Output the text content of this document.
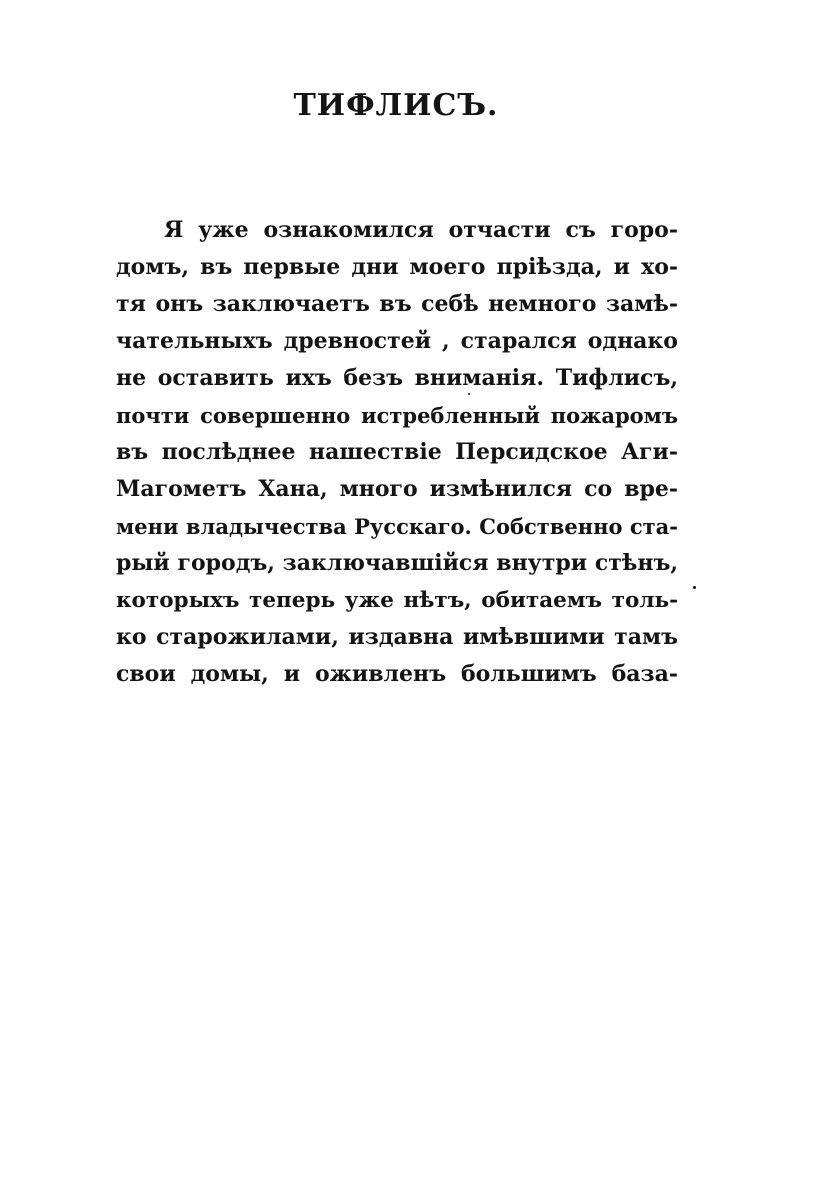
ТИФЛИСЪ.
Я уже ознакомился отчасти съ горо-
домъ, въ первые дни моего прiѣзда, и хо-
тя онъ заключаетъ въ себѣ немного замѣ-
чательныхъ древностей , старался однако
не оставить ихъ безъ вниманiя. Тифлисъ,
почти совершенно истребленный пожаромъ
въ послѣднее нашествiе Персидское Аги-
Магометъ Хана, много измѣнился со вре-
мени владычества Русскаго. Собственно ста-
рый городъ, заключавшiйся внутри стѣнъ,
которыхъ теперь уже нѣтъ, обитаемъ толь-
ко старожилами, издавна имѣвшими тамъ
свои домы, и оживленъ большимъ база-
